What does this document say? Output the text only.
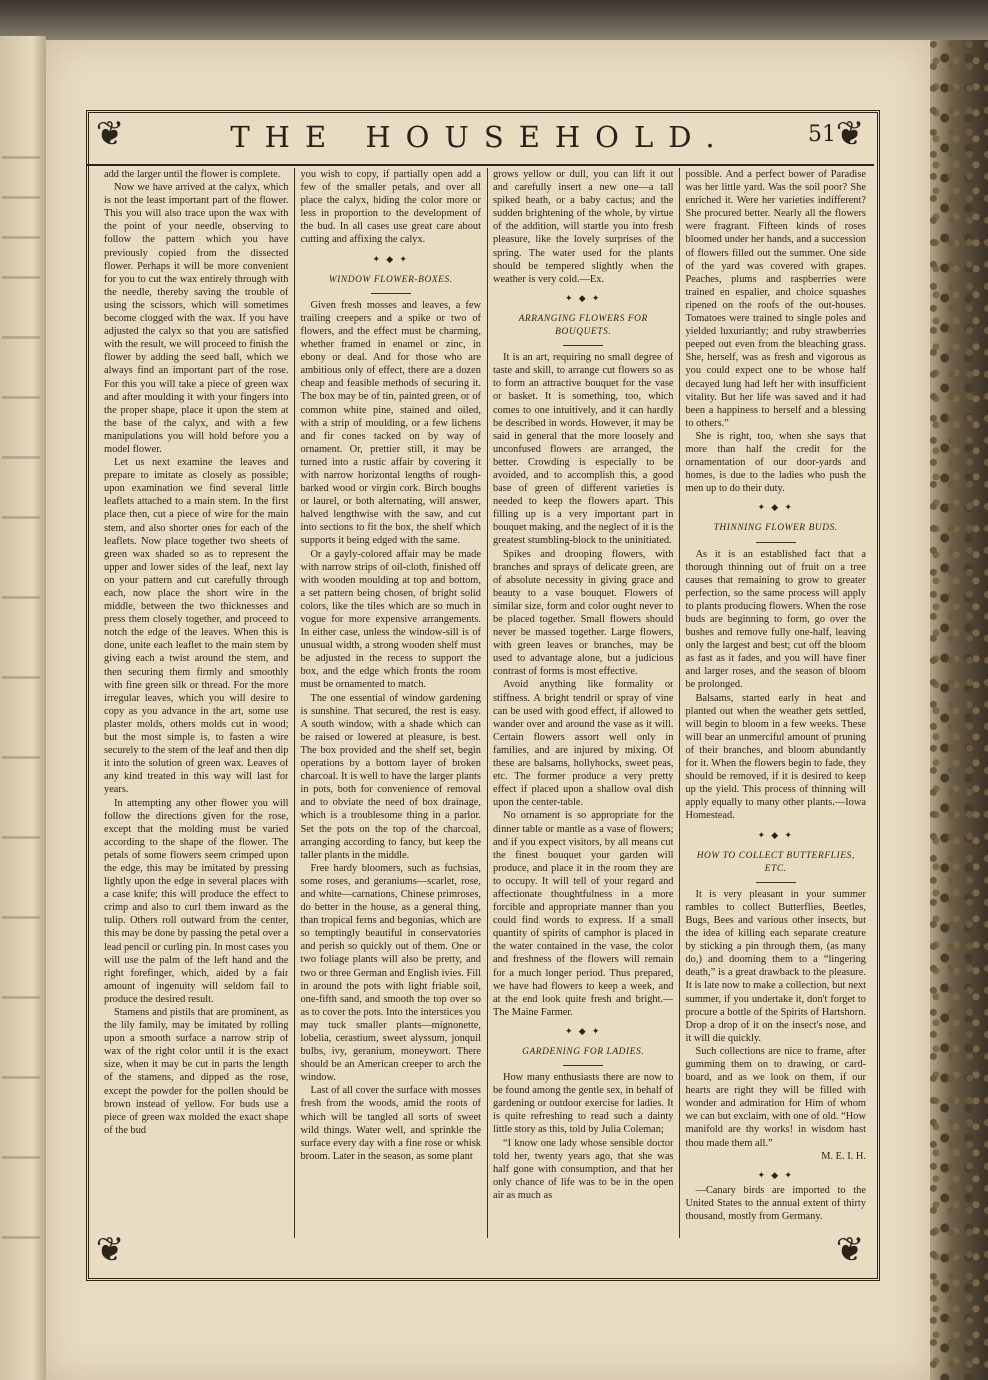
❦	❦
❦	❦
THE HOUSEHOLD.	51

add the larger until the flower is complete.

Now we have arrived at the calyx, which is not the least important part of the flower. This you will also trace upon the wax with the point of your needle, observing to follow the pattern which you have previously copied from the dissected flower. Perhaps it will be more convenient for you to cut the wax entirely through with the needle, thereby saving the trouble of using the scissors, which will sometimes become clogged with the wax. If you have adjusted the calyx so that you are satisfied with the result, we will proceed to finish the flower by adding the seed ball, which we always find an important part of the rose. For this you will take a piece of green wax and after moulding it with your fingers into the proper shape, place it upon the stem at the base of the calyx, and with a few manipulations you will hold before you a model flower.

Let us next examine the leaves and prepare to imitate as closely as possible; upon examination we find several little leaflets attached to a main stem. In the first place then, cut a piece of wire for the main stem, and also shorter ones for each of the leaflets. Now place together two sheets of green wax shaded so as to represent the upper and lower sides of the leaf, next lay on your pattern and cut carefully through each, now place the short wire in the middle, between the two thicknesses and press them closely together, and proceed to notch the edge of the leaves. When this is done, unite each leaflet to the main stem by giving each a twist around the stem, and then securing them firmly and smoothly with fine green silk or thread. For the more irregular leaves, which you will desire to copy as you advance in the art, some use plaster molds, others molds cut in wood; but the most simple is, to fasten a wire securely to the stem of the leaf and then dip it into the solution of green wax. Leaves of any kind treated in this way will last for years.

In attempting any other flower you will follow the directions given for the rose, except that the molding must be varied according to the shape of the flower. The petals of some flowers seem crimped upon the edge, this may be imitated by pressing lightly upon the edge in several places with a case knife; this will produce the effect to crimp and also to curl them inward as the tulip. Others roll outward from the center, this may be done by passing the petal over a lead pencil or curling pin. In most cases you will use the palm of the left hand and the right forefinger, which, aided by a fair amount of ingenuity will seldom fail to produce the desired result.

Stamens and pistils that are prominent, as the lily family, may be imitated by rolling upon a smooth surface a narrow strip of wax of the right color until it is the exact size, when it may be cut in parts the length of the stamens, and dipped as the rose, except the powder for the pollen should be brown instead of yellow. For buds use a piece of green wax molded the exact shape of the bud

you wish to copy, if partially open add a few of the smaller petals, and over all place the calyx, hiding the color more or less in proportion to the development of the bud. In all cases use great care about cutting and affixing the calyx.

✦ ◆ ✦

WINDOW FLOWER-BOXES.

Given fresh mosses and leaves, a few trailing creepers and a spike or two of flowers, and the effect must be charming, whether framed in enamel or zinc, in ebony or deal. And for those who are ambitious only of effect, there are a dozen cheap and feasible methods of securing it. The box may be of tin, painted green, or of common white pine, stained and oiled, with a strip of moulding, or a few lichens and fir cones tacked on by way of ornament. Or, prettier still, it may be turned into a rustic affair by covering it with narrow horizontal lengths of rough-barked wood or virgin cork. Birch boughs or laurel, or both alternating, will answer, halved lengthwise with the saw, and cut into sections to fit the box, the shelf which supports it being edged with the same.

Or a gayly-colored affair may be made with narrow strips of oil-cloth, finished off with wooden moulding at top and bottom, a set pattern being chosen, of bright solid colors, like the tiles which are so much in vogue for more expensive arrangements. In either case, unless the window-sill is of unusual width, a strong wooden shelf must be adjusted in the recess to support the box, and the edge which fronts the room must be ornamented to match.

The one essential of window gardening is sunshine. That secured, the rest is easy. A south window, with a shade which can be raised or lowered at pleasure, is best. The box provided and the shelf set, begin operations by a bottom layer of broken charcoal. It is well to have the larger plants in pots, both for convenience of removal and to obviate the need of box drainage, which is a troublesome thing in a parlor. Set the pots on the top of the charcoal, arranging according to fancy, but keep the taller plants in the middle.

Free hardy bloomers, such as fuchsias, some roses, and geraniums—scarlet, rose, and white—carnations, Chinese primroses, do better in the house, as a general thing, than tropical ferns and begonias, which are so temptingly beautiful in conservatories and perish so quickly out of them. One or two foliage plants will also be pretty, and two or three German and English ivies. Fill in around the pots with light friable soil, one-fifth sand, and smooth the top over so as to cover the pots. Into the interstices you may tuck smaller plants—mignonette, lobelia, cerastium, sweet alyssum, jonquil bulbs, ivy, geranium, moneywort. There should be an American creeper to arch the window.

Last of all cover the surface with mosses fresh from the woods, amid the roots of which will be tangled all sorts of sweet wild things. Water well, and sprinkle the surface every day with a fine rose or whisk broom. Later in the season, as some plant

grows yellow or dull, you can lift it out and carefully insert a new one—a tall spiked heath, or a baby cactus; and the sudden brightening of the whole, by virtue of the addition, will startle you into fresh pleasure, like the lovely surprises of the spring. The water used for the plants should be tempered slightly when the weather is very cold.—Ex.

✦ ◆ ✦

ARRANGING FLOWERS FOR BOUQUETS.

It is an art, requiring no small degree of taste and skill, to arrange cut flowers so as to form an attractive bouquet for the vase or basket. It is something, too, which comes to one intuitively, and it can hardly be described in words. However, it may be said in general that the more loosely and unconfused flowers are arranged, the better. Crowding is especially to be avoided, and to accomplish this, a good base of green of different varieties is needed to keep the flowers apart. This filling up is a very important part in bouquet making, and the neglect of it is the greatest stumbling-block to the uninitiated.

Spikes and drooping flowers, with branches and sprays of delicate green, are of absolute necessity in giving grace and beauty to a vase bouquet. Flowers of similar size, form and color ought never to be placed together. Small flowers should never be massed together. Large flowers, with green leaves or branches, may be used to advantage alone, but a judicious contrast of forms is most effective.

Avoid anything like formality or stiffness. A bright tendril or spray of vine can be used with good effect, if allowed to wander over and around the vase as it will. Certain flowers assort well only in families, and are injured by mixing. Of these are balsams, hollyhocks, sweet peas, etc. The former produce a very pretty effect if placed upon a shallow oval dish upon the center-table.

No ornament is so appropriate for the dinner table or mantle as a vase of flowers; and if you expect visitors, by all means cut the finest bouquet your garden will produce, and place it in the room they are to occupy. It will tell of your regard and affectionate thoughtfulness in a more forcible and appropriate manner than you could find words to express. If a small quantity of spirits of camphor is placed in the water contained in the vase, the color and freshness of the flowers will remain for a much longer period. Thus prepared, we have had flowers to keep a week, and at the end look quite fresh and bright.—The Maine Farmer.

✦ ◆ ✦

GARDENING FOR LADIES.

How many enthusiasts there are now to be found among the gentle sex, in behalf of gardening or outdoor exercise for ladies. It is quite refreshing to read such a dainty little story as this, told by Julia Coleman;

“I know one lady whose sensible doctor told her, twenty years ago, that she was half gone with consumption, and that her only chance of life was to be in the open air as much as

possible. And a perfect bower of Paradise was her little yard. Was the soil poor? She enriched it. Were her varieties indifferent? She procured better. Nearly all the flowers were fragrant. Fifteen kinds of roses bloomed under her hands, and a succession of flowers filled out the summer. One side of the yard was covered with grapes. Peaches, plums and raspberries were trained en espalier, and choice squashes ripened on the roofs of the out-houses. Tomatoes were trained to single poles and yielded luxuriantly; and ruby strawberries peeped out even from the bleaching grass. She, herself, was as fresh and vigorous as you could expect one to be whose half decayed lung had left her with insufficient vitality. But her life was saved and it had been a happiness to herself and a blessing to others.”

She is right, too, when she says that more than half the credit for the ornamentation of our door-yards and homes, is due to the ladies who push the men up to do their duty.

✦ ◆ ✦

THINNING FLOWER BUDS.

As it is an established fact that a thorough thinning out of fruit on a tree causes that remaining to grow to greater perfection, so the same process will apply to plants producing flowers. When the rose buds are beginning to form, go over the bushes and remove fully one-half, leaving only the largest and best; cut off the bloom as fast as it fades, and you will have finer and larger roses, and the season of bloom be prolonged.

Balsams, started early in heat and planted out when the weather gets settled, will begin to bloom in a few weeks. These will bear an unmerciful amount of pruning of their branches, and bloom abundantly for it. When the flowers begin to fade, they should be removed, if it is desired to keep up the yield. This process of thinning will apply equally to many other plants.—Iowa Homestead.

✦ ◆ ✦

HOW TO COLLECT BUTTERFLIES, ETC.

It is very pleasant in your summer rambles to collect Butterflies, Beetles, Bugs, Bees and various other insects, but the idea of killing each separate creature by sticking a pin through them, (as many do,) and dooming them to a “lingering death,” is a great drawback to the pleasure. It is late now to make a collection, but next summer, if you undertake it, don't forget to procure a bottle of the Spirits of Hartshorn. Drop a drop of it on the insect's nose, and it will die quickly.

Such collections are nice to frame, after gumming them on to drawing, or card-board, and as we look on them, if our hearts are right they will be filled with wonder and admiration for Him of whom we can but exclaim, with one of old. “How manifold are thy works! in wisdom hast thou made them all.”

M. E. I. H.

✦ ◆ ✦

—Canary birds are imported to the United States to the annual extent of thirty thousand, mostly from Germany.
